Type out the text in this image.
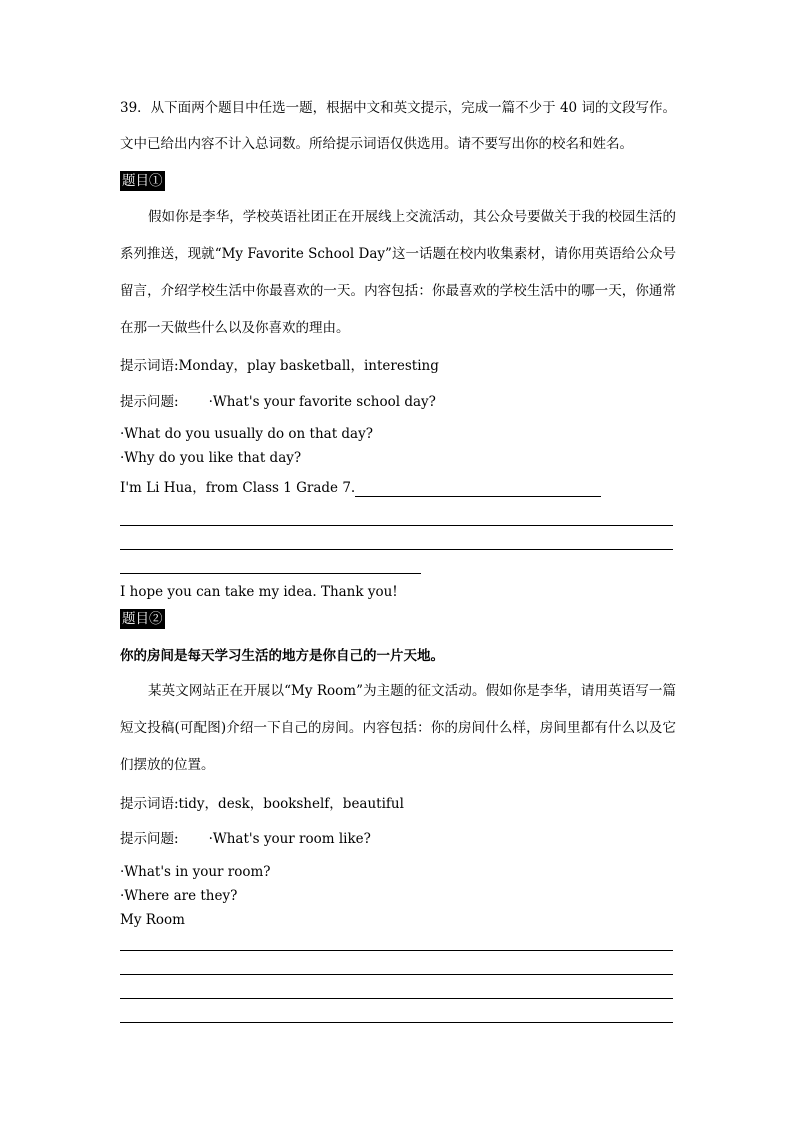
39．从下面两个题目中任选一题，根据中文和英文提示，完成一篇不少于 40 词的文段写作。
文中已给出内容不计入总词数。所给提示词语仅供选用。请不要写出你的校名和姓名。
题目①
假如你是李华，学校英语社团正在开展线上交流活动，其公众号要做关于我的校园生活的系列推送，现就“My Favorite School Day”这一话题在校内收集素材，请你用英语给公众号留言，介绍学校生活中你最喜欢的一天。内容包括：你最喜欢的学校生活中的哪一天，你通常在那一天做些什么以及你喜欢的理由。
提示词语:Monday，play basketball，interesting
提示问题: ·What's your favorite school day?
·What do you usually do on that day?
·Why do you like that day?
I'm Li Hua，from Class 1 Grade 7.
I hope you can take my idea. Thank you!
题目②
你的房间是每天学习生活的地方是你自己的一片天地。
某英文网站正在开展以“My Room”为主题的征文活动。假如你是李华，请用英语写一篇短文投稿(可配图)介绍一下自己的房间。内容包括：你的房间什么样，房间里都有什么以及它们摆放的位置。
提示词语:tidy，desk，bookshelf，beautiful
提示问题: ·What's your room like?
·What's in your room?
·Where are they?
My Room
